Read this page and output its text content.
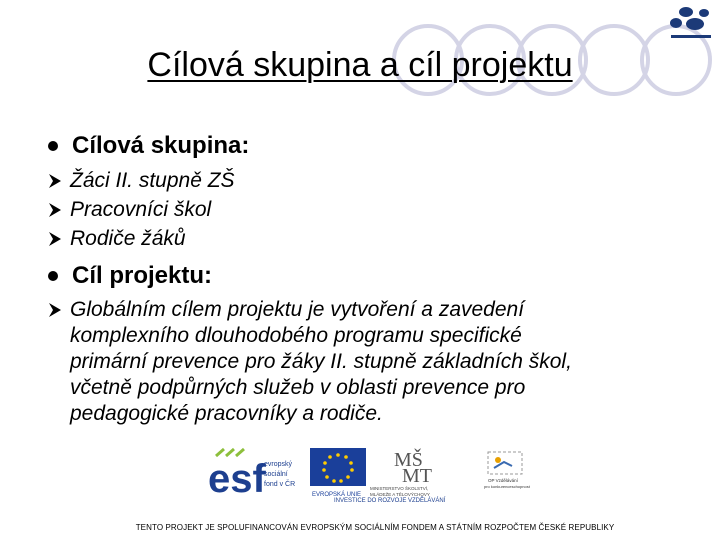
Cílová skupina a cíl projektu
Cílová skupina:
Žáci II. stupně ZŠ
Pracovníci škol
Rodiče žáků
Cíl projektu:
Globálním cílem projektu je vytvoření a zavedení
komplexního dlouhodobého programu specifické
primární prevence pro žáky II. stupně základních škol,
včetně podpůrných služeb v oblasti prevence pro
pedagogické pracovníky a rodiče.
esf
evropský
sociální
fond v ČR
EVROPSKÁ UNIE
MŠ
MT
MINISTERSTVO ŠKOLSTVÍ,
MLÁDEŽE A TĚLOVÝCHOVY
OP Vzdělávání
pro konkurenceschopnost
INVESTICE DO ROZVOJE VZDĚLÁVÁNÍ
TENTO PROJEKT JE SPOLUFINANCOVÁN EVROPSKÝM SOCIÁLNÍM FONDEM A STÁTNÍM ROZPOČTEM ČESKÉ REPUBLIKY
